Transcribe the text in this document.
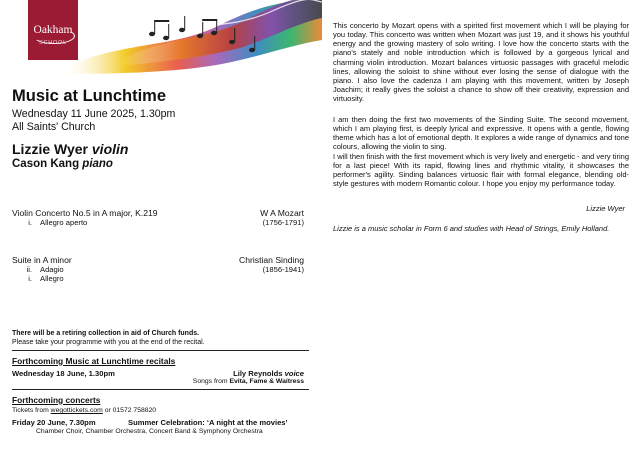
Oakham
SCHOOL
Music at Lunchtime
Wednesday 11 June 2025, 1.30pm
All Saints' Church
Lizzie Wyer violin
Cason Kang piano
Violin Concerto No.5 in A major, K.219	W A Mozart
i. Allegro aperto	(1756-1791)
Suite in A minor	Christian Sinding
ii. Adagio	(1856-1941)
i. Allegro
There will be a retiring collection in aid of Church funds.
Please take your programme with you at the end of the recital.
Forthcoming Music at Lunchtime recitals
Wednesday 18 June, 1.30pm	Lily Reynolds voice
Songs from Evita, Fame & Waitress
Forthcoming concerts
Tickets from wegottickets.com or 01572 758820
Friday 20 June, 7.30pm	Summer Celebration: ‘A night at the movies’
Chamber Choir, Chamber Orchestra, Concert Band & Symphony Orchestra

This concerto by Mozart opens with a spirited first movement which I will be playing for you today. This concerto was written when Mozart was just 19, and it shows his youthful energy and the growing mastery of solo writing. I love how the concerto starts with the piano's stately and noble introduction which is followed by a gorgeous lyrical and charming violin introduction. Mozart balances virtuosic passages with graceful melodic lines, allowing the soloist to shine without ever losing the sense of dialogue with the piano. I also love the cadenza I am playing with this movement, written by Joseph Joachim; it really gives the soloist a chance to show off their creativity, expression and virtuosity.

I am then doing the first two movements of the Sinding Suite. The second movement, which I am playing first, is deeply lyrical and expressive. It opens with a gentle, flowing theme which has a lot of emotional depth. It explores a wide range of dynamics and tone colours, allowing the violin to sing.

I will then finish with the first movement which is very lively and energetic - and very tiring for a last piece! With its rapid, flowing lines and rhythmic vitality, it showcases the performer's agility. Sinding balances virtuosic flair with formal elegance, blending old-style gestures with modern Romantic colour. I hope you enjoy my performance today.

Lizzie Wyer
Lizzie is a music scholar in Form 6 and studies with Head of Strings, Emily Holland.
